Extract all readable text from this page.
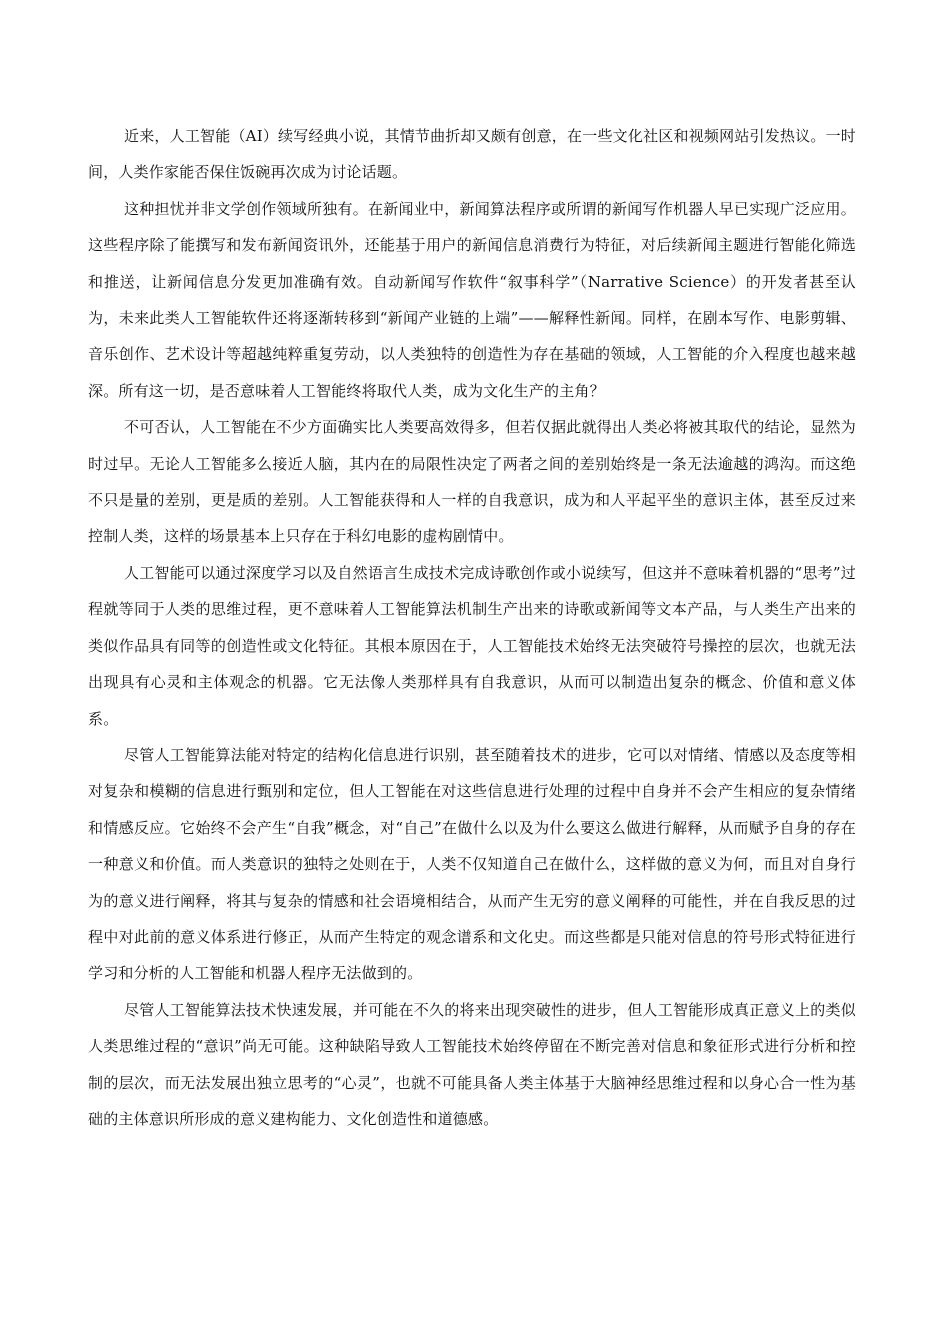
近来，人工智能（AI）续写经典小说，其情节曲折却又颇有创意，在一些文化社区和视频网站引发热议。一时间，人类作家能否保住饭碗再次成为讨论话题。

这种担忧并非文学创作领域所独有。在新闻业中，新闻算法程序或所谓的新闻写作机器人早已实现广泛应用。这些程序除了能撰写和发布新闻资讯外，还能基于用户的新闻信息消费行为特征，对后续新闻主题进行智能化筛选和推送，让新闻信息分发更加准确有效。自动新闻写作软件“叙事科学”（Narrative Science）的开发者甚至认为，未来此类人工智能软件还将逐渐转移到“新闻产业链的上端”——解释性新闻。同样，在剧本写作、电影剪辑、音乐创作、艺术设计等超越纯粹重复劳动，以人类独特的创造性为存在基础的领域，人工智能的介入程度也越来越深。所有这一切，是否意味着人工智能终将取代人类，成为文化生产的主角？

不可否认，人工智能在不少方面确实比人类要高效得多，但若仅据此就得出人类必将被其取代的结论，显然为时过早。无论人工智能多么接近人脑，其内在的局限性决定了两者之间的差别始终是一条无法逾越的鸿沟。而这绝不只是量的差别，更是质的差别。人工智能获得和人一样的自我意识，成为和人平起平坐的意识主体，甚至反过来控制人类，这样的场景基本上只存在于科幻电影的虚构剧情中。

人工智能可以通过深度学习以及自然语言生成技术完成诗歌创作或小说续写，但这并不意味着机器的“思考”过程就等同于人类的思维过程，更不意味着人工智能算法机制生产出来的诗歌或新闻等文本产品，与人类生产出来的类似作品具有同等的创造性或文化特征。其根本原因在于，人工智能技术始终无法突破符号操控的层次，也就无法出现具有心灵和主体观念的机器。它无法像人类那样具有自我意识，从而可以制造出复杂的概念、价值和意义体系。

尽管人工智能算法能对特定的结构化信息进行识别，甚至随着技术的进步，它可以对情绪、情感以及态度等相对复杂和模糊的信息进行甄别和定位，但人工智能在对这些信息进行处理的过程中自身并不会产生相应的复杂情绪和情感反应。它始终不会产生“自我”概念，对“自己”在做什么以及为什么要这么做进行解释，从而赋予自身的存在一种意义和价值。而人类意识的独特之处则在于，人类不仅知道自己在做什么，这样做的意义为何，而且对自身行为的意义进行阐释，将其与复杂的情感和社会语境相结合，从而产生无穷的意义阐释的可能性，并在自我反思的过程中对此前的意义体系进行修正，从而产生特定的观念谱系和文化史。而这些都是只能对信息的符号形式特征进行学习和分析的人工智能和机器人程序无法做到的。

尽管人工智能算法技术快速发展，并可能在不久的将来出现突破性的进步，但人工智能形成真正意义上的类似人类思维过程的“意识”尚无可能。这种缺陷导致人工智能技术始终停留在不断完善对信息和象征形式进行分析和控制的层次，而无法发展出独立思考的“心灵”，也就不可能具备人类主体基于大脑神经思维过程和以身心合一性为基础的主体意识所形成的意义建构能力、文化创造性和道德感。
